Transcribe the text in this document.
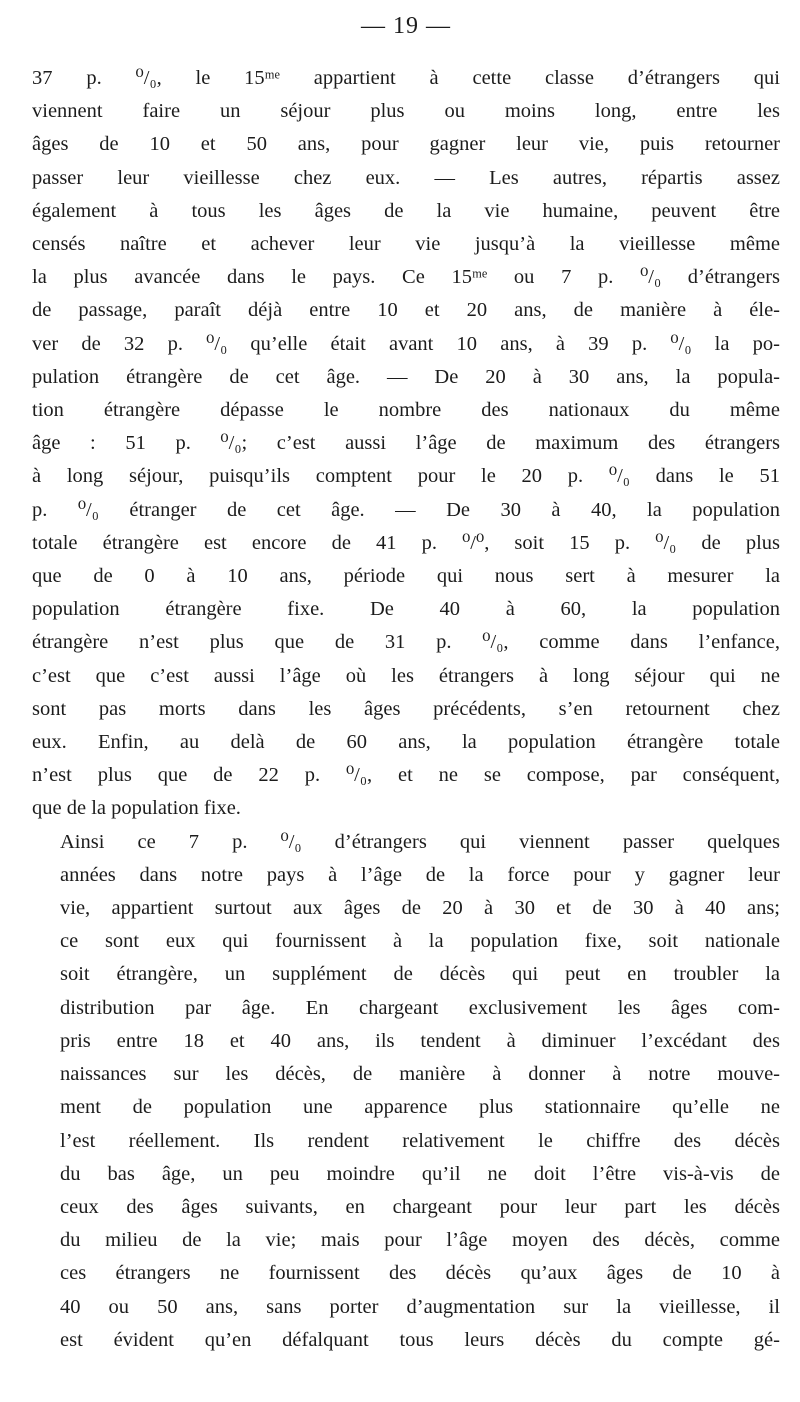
— 19 —
37 p. ⁰/₀, le 15ᵐᵉ appartient à cette classe d’étrangers qui
viennent faire un séjour plus ou moins long, entre les
âges de 10 et 50 ans, pour gagner leur vie, puis retourner
passer leur vieillesse chez eux. — Les autres, répartis assez
également à tous les âges de la vie humaine, peuvent être
censés naître et achever leur vie jusqu’à la vieillesse même
la plus avancée dans le pays. Ce 15ᵐᵉ ou 7 p. ⁰/₀ d’étrangers
de passage, paraît déjà entre 10 et 20 ans, de manière à éle-
ver de 32 p. ⁰/₀ qu’elle était avant 10 ans, à 39 p. ⁰/₀ la po-
pulation étrangère de cet âge. — De 20 à 30 ans, la popula-
tion étrangère dépasse le nombre des nationaux du même
âge : 51 p. ⁰/₀; c’est aussi l’âge de maximum des étrangers
à long séjour, puisqu’ils comptent pour le 20 p. ⁰/₀ dans le 51
p. ⁰/₀ étranger de cet âge. — De 30 à 40, la population
totale étrangère est encore de 41 p. ⁰/⁰, soit 15 p. ⁰/₀ de plus
que de 0 à 10 ans, période qui nous sert à mesurer la
population étrangère fixe. De 40 à 60, la population
étrangère n’est plus que de 31 p. ⁰/₀, comme dans l’enfance,
c’est que c’est aussi l’âge où les étrangers à long séjour qui ne
sont pas morts dans les âges précédents, s’en retournent chez
eux. Enfin, au delà de 60 ans, la population étrangère totale
n’est plus que de 22 p. ⁰/₀, et ne se compose, par conséquent,
que de la population fixe.
Ainsi ce 7 p. ⁰/₀ d’étrangers qui viennent passer quelques
années dans notre pays à l’âge de la force pour y gagner leur
vie, appartient surtout aux âges de 20 à 30 et de 30 à 40 ans;
ce sont eux qui fournissent à la population fixe, soit nationale
soit étrangère, un supplément de décès qui peut en troubler la
distribution par âge. En chargeant exclusivement les âges com-
pris entre 18 et 40 ans, ils tendent à diminuer l’excédant des
naissances sur les décès, de manière à donner à notre mouve-
ment de population une apparence plus stationnaire qu’elle ne
l’est réellement. Ils rendent relativement le chiffre des décès
du bas âge, un peu moindre qu’il ne doit l’être vis-à-vis de
ceux des âges suivants, en chargeant pour leur part les décès
du milieu de la vie; mais pour l’âge moyen des décès, comme
ces étrangers ne fournissent des décès qu’aux âges de 10 à
40 ou 50 ans, sans porter d’augmentation sur la vieillesse, il
est évident qu’en défalquant tous leurs décès du compte gé-
